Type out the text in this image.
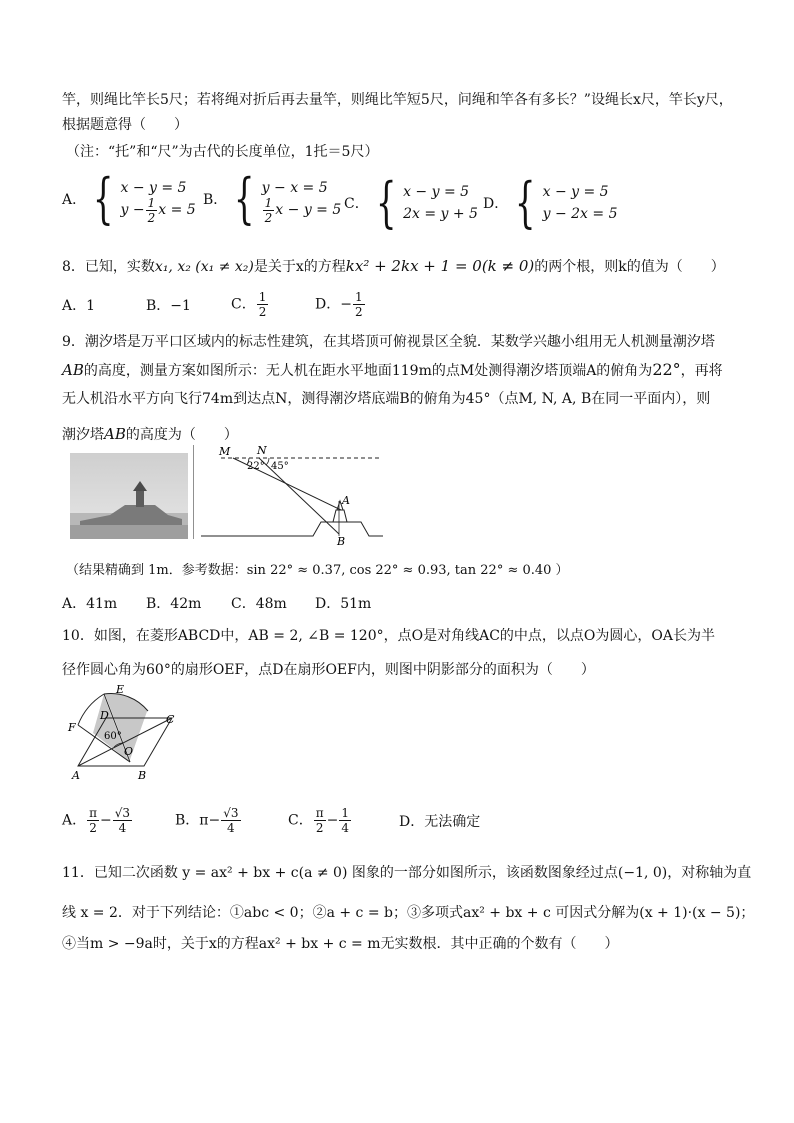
竿，则绳比竿长5尺；若将绳对折后再去量竿，则绳比竿短5尺，问绳和竿各有多长？”设绳长x尺，竿长y尺，
根据题意得（　　）
（注：“托”和“尺”为古代的长度单位，1托＝5尺）
A． { x − y = 5
$y - \frac{1}{2}$ x = 5
B． { y − x = 5
$\frac{1}{2}$ x − y = 5 C． { x − y = 5
2x = y + 5
D． { x − y = 5
y − 2x = 5
8．已知，实数x₁, x₂ (x₁ ≠ x₂)是关于x的方程kx² + 2kx + 1 = 0(k ≠ 0)的两个根，则k的值为（　　）
A．1	B．−1	C． $\frac{1}{2}$	D．− $\frac{1}{2}$
9．潮汐塔是万平口区域内的标志性建筑，在其塔顶可俯视景区全貌．某数学兴趣小组用无人机测量潮汐塔
AB的高度，测量方案如图所示：无人机在距水平地面119m的点M处测得潮汐塔顶端A的俯角为22°，再将
无人机沿水平方向飞行74m到达点N，测得潮汐塔底端B的俯角为45°（点M, N, A, B在同一平面内），则
潮汐塔AB的高度为（　　）
M N
22° 45°
A
B
（结果精确到 1m．参考数据：sin 22° ≈ 0.37, cos 22° ≈ 0.93, tan 22° ≈ 0.40 ）
A．41m B．42m C．48m D．51m
10．如图，在菱形ABCD中，AB = 2, ∠B = 120°，点O是对角线AC的中点，以点O为圆心，OA长为半
径作圆心角为60°的扇形OEF，点D在扇形OEF内，则图中阴影部分的面积为（　　）
E
F
D	C
O
60°
A	B
A． $\frac{\pi}{2} - \frac{√3}{4}$	B．$\pi- \frac{√3}{4}$	C． $\frac{\pi}{2} - \frac{1}{4}$	D．无法确定
11．已知二次函数 y = ax² + bx + c(a ≠ 0) 图象的一部分如图所示，该函数图象经过点(−1, 0)，对称轴为直
线 x = 2．对于下列结论：①abc < 0；②a + c = b；③多项式ax² + bx + c 可因式分解为(x + 1)·(x − 5)；
④当m > −9a时，关于x的方程ax² + bx + c = m无实数根．其中正确的个数有（　　）
